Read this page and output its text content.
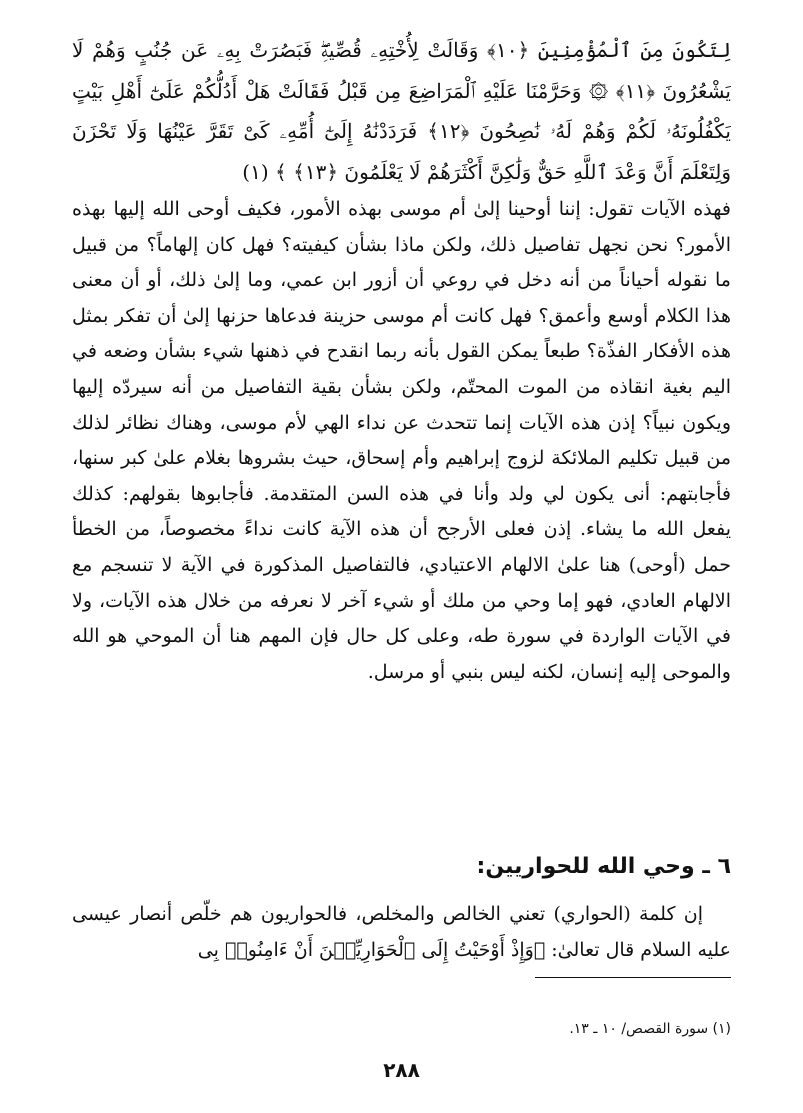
لِتَكُونَ مِنَ ٱلْمُؤْمِنِينَ ﴿١٠﴾ وَقَالَتْ لِأُخْتِهِۦ قُصِّيهِۖ فَبَصُرَتْ بِهِۦ عَن جُنُبٍ وَهُمْ لَا يَشْعُرُونَ ﴿١١﴾ ۞ وَحَرَّمْنَا عَلَيْهِ ٱلْمَرَاضِعَ مِن قَبْلُ فَقَالَتْ هَلْ أَدُلُّكُمْ عَلَىٰٓ أَهْلِ بَيْتٍ يَكْفُلُونَهُۥ لَكُمْ وَهُمْ لَهُۥ نَٰصِحُونَ ﴿١٢﴾ فَرَدَدْنَٰهُ إِلَىٰٓ أُمِّهِۦ كَىْ تَقَرَّ عَيْنُهَا وَلَا تَحْزَنَ وَلِتَعْلَمَ أَنَّ وَعْدَ ٱللَّهِ حَقٌّ وَلَٰكِنَّ أَكْثَرَهُمْ لَا يَعْلَمُونَ ﴿١٣﴾ ﴾ (١)

فهذه الآيات تقول: إننا أوحينا إلىٰ أم موسى بهذه الأمور، فكيف أوحى الله إليها بهذه الأمور؟ نحن نجهل تفاصيل ذلك، ولكن ماذا بشأن كيفيته؟ فهل كان إلهاماً؟ من قبيل ما نقوله أحياناً من أنه دخل في روعي أن أزور ابن عمي، وما إلىٰ ذلك، أو أن معنى هذا الكلام أوسع وأعمق؟ فهل كانت أم موسى حزينة فدعاها حزنها إلىٰ أن تفكر بمثل هذه الأفكار الفذّة؟ طبعاً يمكن القول بأنه ربما انقدح في ذهنها شيء بشأن وضعه في اليم بغية انقاذه من الموت المحتّم، ولكن بشأن بقية التفاصيل من أنه سيردّه إليها ويكون نبياً؟ إذن هذه الآيات إنما تتحدث عن نداء الهي لأم موسى، وهناك نظائر لذلك من قبيل تكليم الملائكة لزوج إبراهيم وأم إسحاق، حيث بشروها بغلام علىٰ كبر سنها، فأجابتهم: أنى يكون لي ولد وأنا في هذه السن المتقدمة. فأجابوها بقولهم: كذلك يفعل الله ما يشاء. إذن فعلى الأرجح أن هذه الآية كانت نداءً مخصوصاً، من الخطأ حمل (أوحى) هنا علىٰ الالهام الاعتيادي، فالتفاصيل المذكورة في الآية لا تنسجم مع الالهام العادي، فهو إما وحي من ملك أو شيء آخر لا نعرفه من خلال هذه الآيات، ولا في الآيات الواردة في سورة طه، وعلى كل حال فإن المهم هنا أن الموحي هو الله والموحى إليه إنسان، لكنه ليس بنبي أو مرسل.

٦ ـ وحي الله للحواريين:

إن كلمة (الحواري) تعني الخالص والمخلص، فالحواريون هم خلّص أنصار عيسى عليه السلام قال تعالىٰ: ﴿وَإِذْ أَوْحَيْتُ إِلَى ٱلْحَوَارِيِّـۧنَ أَنْ ءَامِنُوا۟ بِى

(١) سورة القصص/ ١٠ ـ ١٣.
٢٨٨
